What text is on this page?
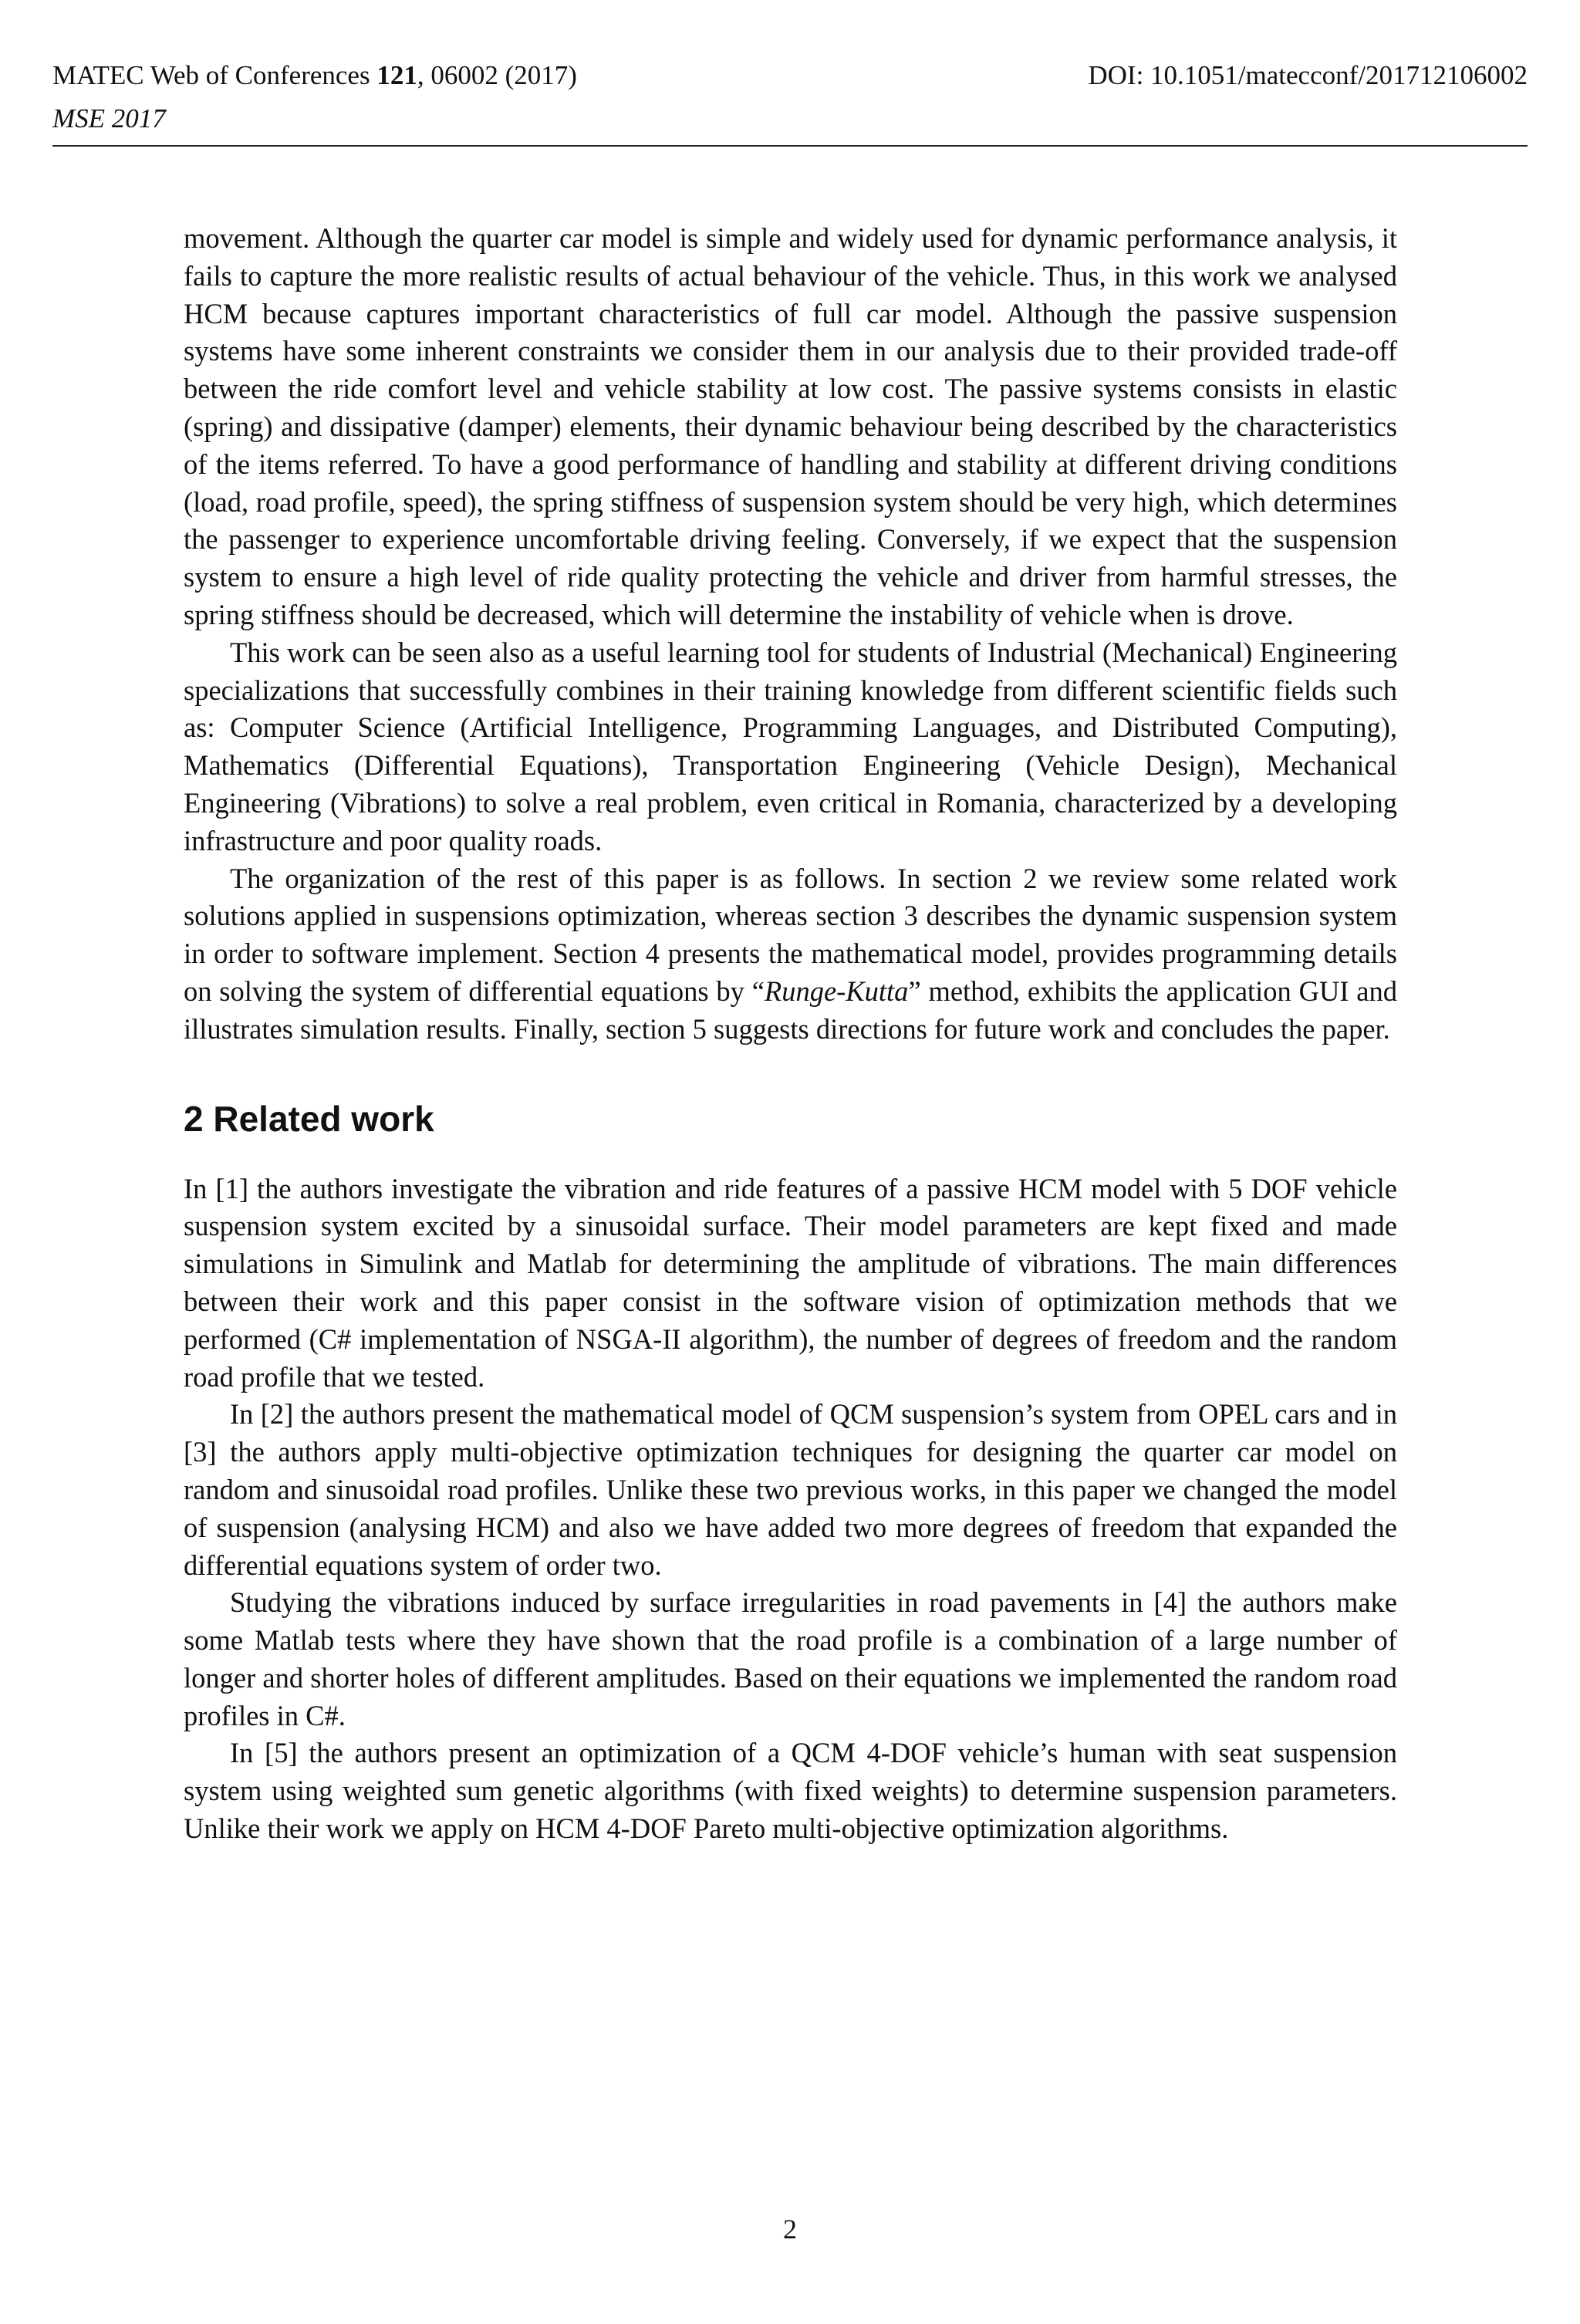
MATEC Web of Conferences 121, 06002 (2017)	DOI: 10.1051/matecconf/201712106002
MSE 2017

movement. Although the quarter car model is simple and widely used for dynamic performance analysis, it fails to capture the more realistic results of actual behaviour of the vehicle. Thus, in this work we analysed HCM because captures important characteristics of full car model. Although the passive suspension systems have some inherent constraints we consider them in our analysis due to their provided trade-off between the ride comfort level and vehicle stability at low cost. The passive systems consists in elastic (spring) and dissipative (damper) elements, their dynamic behaviour being described by the characteristics of the items referred. To have a good performance of handling and stability at different driving conditions (load, road profile, speed), the spring stiffness of suspension system should be very high, which determines the passenger to experience uncomfortable driving feeling. Conversely, if we expect that the suspension system to ensure a high level of ride quality protecting the vehicle and driver from harmful stresses, the spring stiffness should be decreased, which will determine the instability of vehicle when is drove.

This work can be seen also as a useful learning tool for students of Industrial (Mechanical) Engineering specializations that successfully combines in their training knowledge from different scientific fields such as: Computer Science (Artificial Intelligence, Programming Languages, and Distributed Computing), Mathematics (Differential Equations), Transportation Engineering (Vehicle Design), Mechanical Engineering (Vibrations) to solve a real problem, even critical in Romania, characterized by a developing infrastructure and poor quality roads.

The organization of the rest of this paper is as follows. In section 2 we review some related work solutions applied in suspensions optimization, whereas section 3 describes the dynamic suspension system in order to software implement. Section 4 presents the mathematical model, provides programming details on solving the system of differential equations by “Runge-Kutta” method, exhibits the application GUI and illustrates simulation results. Finally, section 5 suggests directions for future work and concludes the paper.

2 Related work

In [1] the authors investigate the vibration and ride features of a passive HCM model with 5 DOF vehicle suspension system excited by a sinusoidal surface. Their model parameters are kept fixed and made simulations in Simulink and Matlab for determining the amplitude of vibrations. The main differences between their work and this paper consist in the software vision of optimization methods that we performed (C# implementation of NSGA-II algorithm), the number of degrees of freedom and the random road profile that we tested.

In [2] the authors present the mathematical model of QCM suspension’s system from OPEL cars and in [3] the authors apply multi-objective optimization techniques for designing the quarter car model on random and sinusoidal road profiles. Unlike these two previous works, in this paper we changed the model of suspension (analysing HCM) and also we have added two more degrees of freedom that expanded the differential equations system of order two.

Studying the vibrations induced by surface irregularities in road pavements in [4] the authors make some Matlab tests where they have shown that the road profile is a combination of a large number of longer and shorter holes of different amplitudes. Based on their equations we implemented the random road profiles in C#.

In [5] the authors present an optimization of a QCM 4-DOF vehicle’s human with seat suspension system using weighted sum genetic algorithms (with fixed weights) to determine suspension parameters. Unlike their work we apply on HCM 4-DOF Pareto multi-objective optimization algorithms.

2
